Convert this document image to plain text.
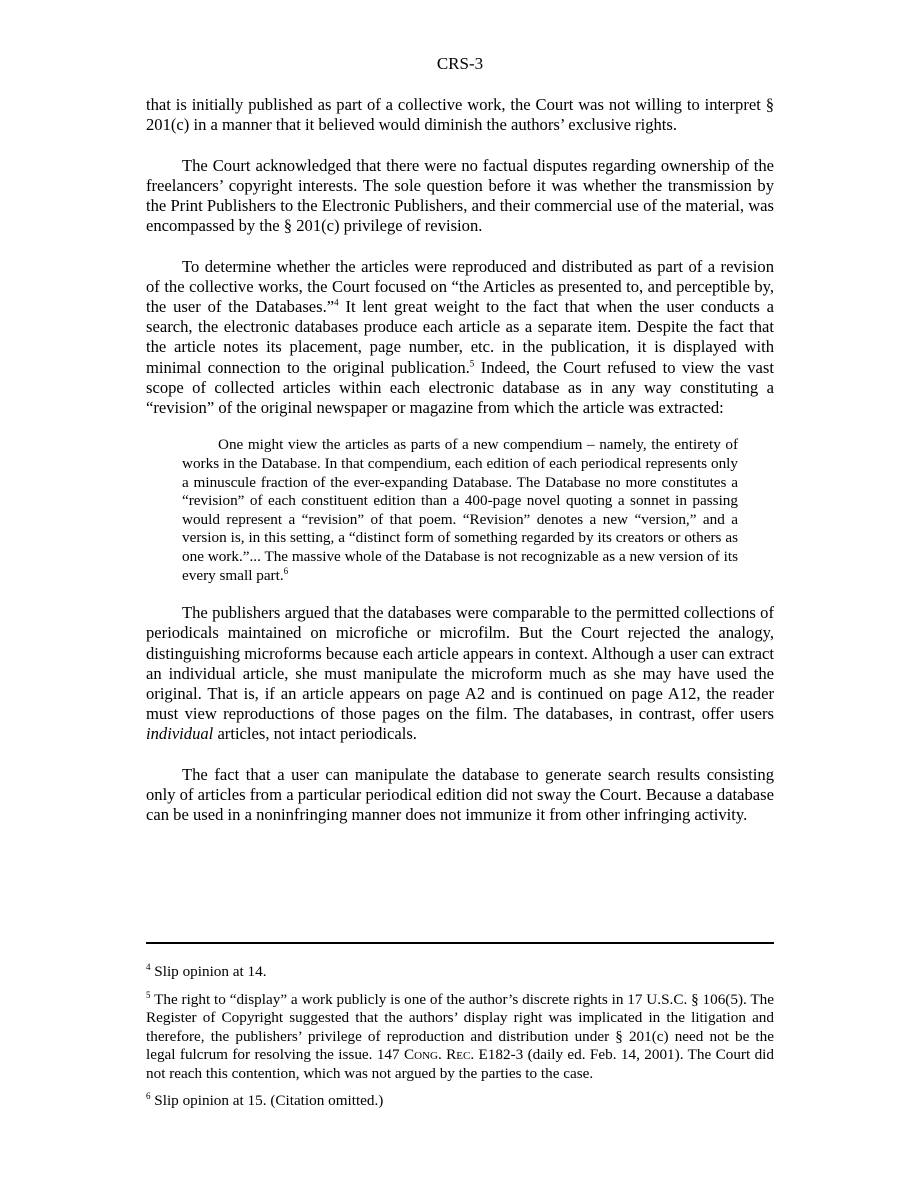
CRS-3

that is initially published as part of a collective work, the Court was not willing to interpret § 201(c) in a manner that it believed would diminish the authors’ exclusive rights.

The Court acknowledged that there were no factual disputes regarding ownership of the freelancers’ copyright interests. The sole question before it was whether the transmission by the Print Publishers to the Electronic Publishers, and their commercial use of the material, was encompassed by the § 201(c) privilege of revision.

To determine whether the articles were reproduced and distributed as part of a revision of the collective works, the Court focused on “the Articles as presented to, and perceptible by, the user of the Databases.”$^4$ It lent great weight to the fact that when the user conducts a search, the electronic databases produce each article as a separate item. Despite the fact that the article notes its placement, page number, etc. in the publication, it is displayed with minimal connection to the original publication.$^5$ Indeed, the Court refused to view the vast scope of collected articles within each electronic database as in any way constituting a “revision” of the original newspaper or magazine from which the article was extracted:

One might view the articles as parts of a new compendium – namely, the entirety of works in the Database. In that compendium, each edition of each periodical represents only a minuscule fraction of the ever-expanding Database. The Database no more constitutes a “revision” of each constituent edition than a 400-page novel quoting a sonnet in passing would represent a “revision” of that poem. “Revision” denotes a new “version,” and a version is, in this setting, a “distinct form of something regarded by its creators or others as one work.”... The massive whole of the Database is not recognizable as a new version of its every small part.$^6$

The publishers argued that the databases were comparable to the permitted collections of periodicals maintained on microfiche or microfilm. But the Court rejected the analogy, distinguishing microforms because each article appears in context. Although a user can extract an individual article, she must manipulate the microform much as she may have used the original. That is, if an article appears on page A2 and is continued on page A12, the reader must view reproductions of those pages on the film. The databases, in contrast, offer users individual articles, not intact periodicals.

The fact that a user can manipulate the database to generate search results consisting only of articles from a particular periodical edition did not sway the Court. Because a database can be used in a noninfringing manner does not immunize it from other infringing activity.

$^4$ Slip opinion at 14.

$^5$ The right to “display” a work publicly is one of the author’s discrete rights in 17 U.S.C. § 106(5). The Register of Copyright suggested that the authors’ display right was implicated in the litigation and therefore, the publishers’ privilege of reproduction and distribution under § 201(c) need not be the legal fulcrum for resolving the issue. 147 Cong. Rec. E182-3 (daily ed. Feb. 14, 2001). The Court did not reach this contention, which was not argued by the parties to the case.

$^6$ Slip opinion at 15. (Citation omitted.)
